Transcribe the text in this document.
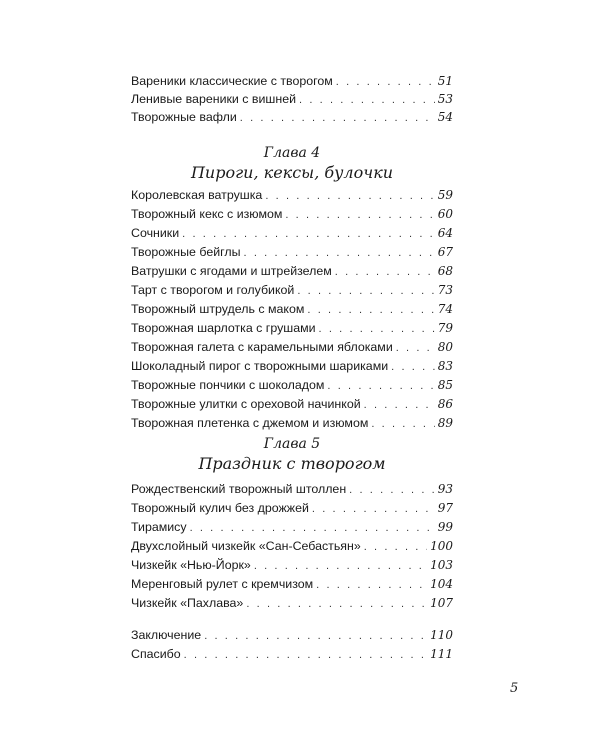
Вареники классические с творогом . . .	51
Ленивые вареники с вишней . . .	53
Творожные вафли . . .	54
Глава 4
Пироги, кексы, булочки
Королевская ватрушка . . .	59
Творожный кекс с изюмом . . .	60
Сочники . . .	64
Творожные бейглы . . .	67
Ватрушки с ягодами и штрейзелем . . .	68
Тарт с творогом и голубикой . . .	73
Творожный штрудель с маком . . .	74
Творожная шарлотка с грушами . . .	79
Творожная галета с карамельными яблоками . . .	80
Шоколадный пирог с творожными шариками . . .	83
Творожные пончики с шоколадом . . .	85
Творожные улитки с ореховой начинкой . . .	86
Творожная плетенка с джемом и изюмом . . .	89
Глава 5
Праздник с творогом
Рождественский творожный штоллен . . .	93
Творожный кулич без дрожжей . . .	97
Тирамису . . .	99
Двухслойный чизкейк «Сан-Себастьян» . . .	100
Чизкейк «Нью-Йорк» . . .	103
Меренговый рулет с кремчизом . . .	104
Чизкейк «Пахлава» . . .	107
Заключение . . .	110
Спасибо . . .	111
5
